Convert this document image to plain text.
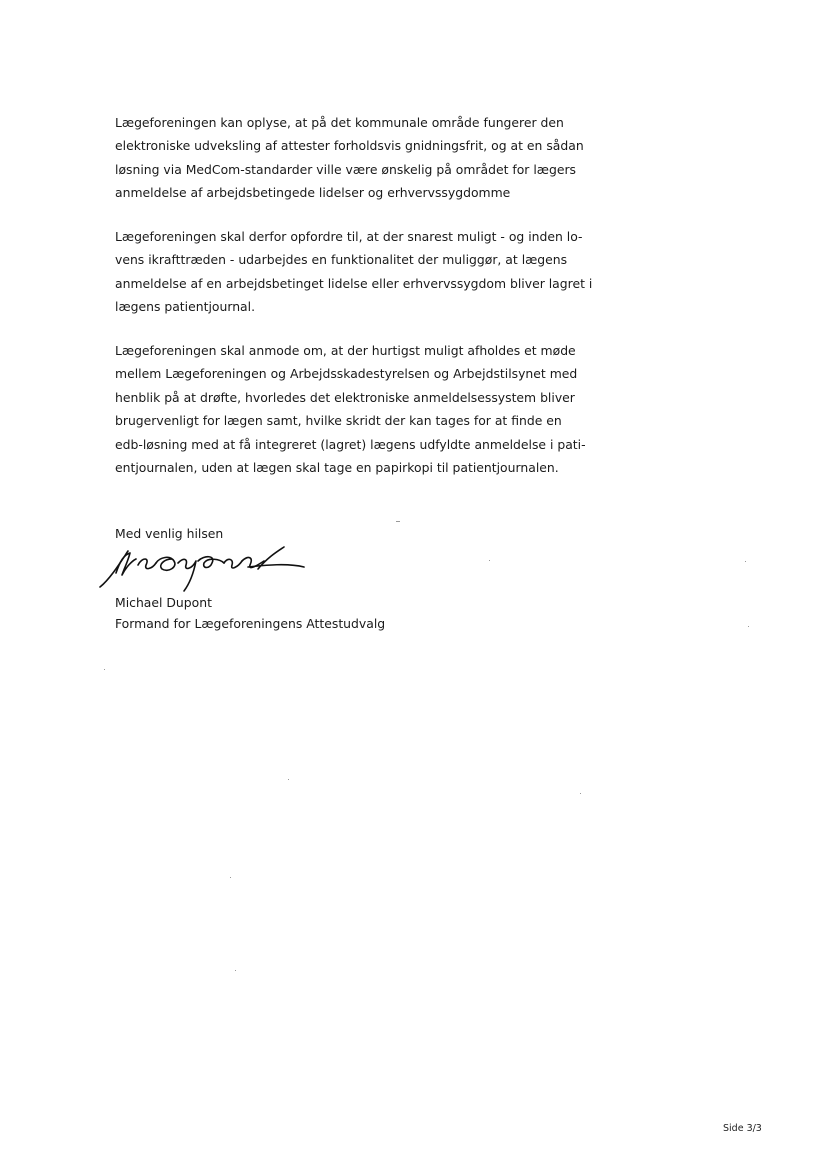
Lægeforeningen kan oplyse, at på det kommunale område fungerer den
elektroniske udveksling af attester forholdsvis gnidningsfrit, og at en sådan
løsning via MedCom-standarder ville være ønskelig på området for lægers
anmeldelse af arbejdsbetingede lidelser og erhvervssygdomme

Lægeforeningen skal derfor opfordre til, at der snarest muligt - og inden lo-
vens ikrafttræden - udarbejdes en funktionalitet der muliggør, at lægens
anmeldelse af en arbejdsbetinget lidelse eller erhvervssygdom bliver lagret i
lægens patientjournal.

Lægeforeningen skal anmode om, at der hurtigst muligt afholdes et møde
mellem Lægeforeningen og Arbejdsskadestyrelsen og Arbejdstilsynet med
henblik på at drøfte, hvorledes det elektroniske anmeldelsessystem bliver
brugervenligt for lægen samt, hvilke skridt der kan tages for at finde en
edb-løsning med at få integreret (lagret) lægens udfyldte anmeldelse i pati-
entjournalen, uden at lægen skal tage en papirkopi til patientjournalen.

Med venlig hilsen

Michael Dupont

Formand for Lægeforeningens Attestudvalg

Side 3/3
